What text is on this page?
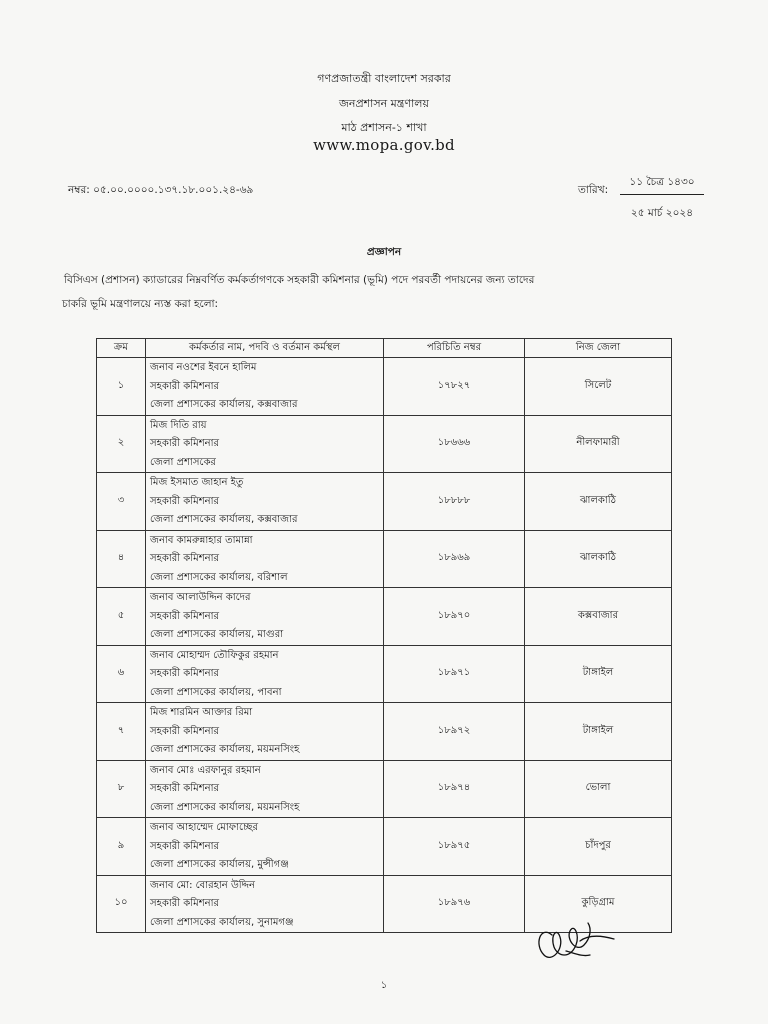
গণপ্রজাতন্ত্রী বাংলাদেশ সরকার
জনপ্রশাসন মন্ত্রণালয়
মাঠ প্রশাসন-১ শাখা
www.mopa.gov.bd
নম্বর: ০৫.০০.০০০০.১৩৭.১৮.০০১.২৪-৬৯	তারিখ:
১১ চৈত্র ১৪৩০
২৫ মার্চ ২০২৪
প্রজ্ঞাপন
বিসিএস (প্রশাসন) ক্যাডারের নিম্নবর্ণিত কর্মকর্তাগণকে সহকারী কমিশনার (ভূমি) পদে পরবর্তী পদায়নের জন্য তাদের
চাকরি ভূমি মন্ত্রণালয়ে ন্যস্ত করা হলো:
ক্রম	কর্মকর্তার নাম, পদবি ও বর্তমান কর্মস্থল	পরিচিতি নম্বর	নিজ জেলা
১	জনাব নওশের ইবনে হালিম
সহকারী কমিশনার
জেলা প্রশাসকের কার্যালয়, কক্সবাজার	১৭৮২৭	সিলেট
২	মিজ দিতি রায়
সহকারী কমিশনার
জেলা প্রশাসকের	১৮৬৬৬	নীলফামারী
৩	মিজ ইসমাত জাহান ইতু
সহকারী কমিশনার
জেলা প্রশাসকের কার্যালয়, কক্সবাজার	১৮৮৮৮	ঝালকাঠি
৪	জনাব কামরুন্নাহার তামান্না
সহকারী কমিশনার
জেলা প্রশাসকের কার্যালয়, বরিশাল	১৮৯৬৯	ঝালকাঠি
৫	জনাব আলাউদ্দিন কাদের
সহকারী কমিশনার
জেলা প্রশাসকের কার্যালয়, মাগুরা	১৮৯৭০	কক্সবাজার
৬	জনাব মোহাম্মদ তৌফিকুর রহমান
সহকারী কমিশনার
জেলা প্রশাসকের কার্যালয়, পাবনা	১৮৯৭১	টাঙ্গাইল
৭	মিজ শারমিন আক্তার রিমা
সহকারী কমিশনার
জেলা প্রশাসকের কার্যালয়, ময়মনসিংহ	১৮৯৭২	টাঙ্গাইল
৮	জনাব মোঃ এরফানুর রহমান
সহকারী কমিশনার
জেলা প্রশাসকের কার্যালয়, ময়মনসিংহ	১৮৯৭৪	ভোলা
৯	জনাব আহাম্মেদ মোফাচ্ছের
সহকারী কমিশনার
জেলা প্রশাসকের কার্যালয়, মুন্সীগঞ্জ	১৮৯৭৫	চাঁদপুর
১০	জনাব মো: বোরহান উদ্দিন
সহকারী কমিশনার
জেলা প্রশাসকের কার্যালয়, সুনামগঞ্জ	১৮৯৭৬	কুড়িগ্রাম
১
